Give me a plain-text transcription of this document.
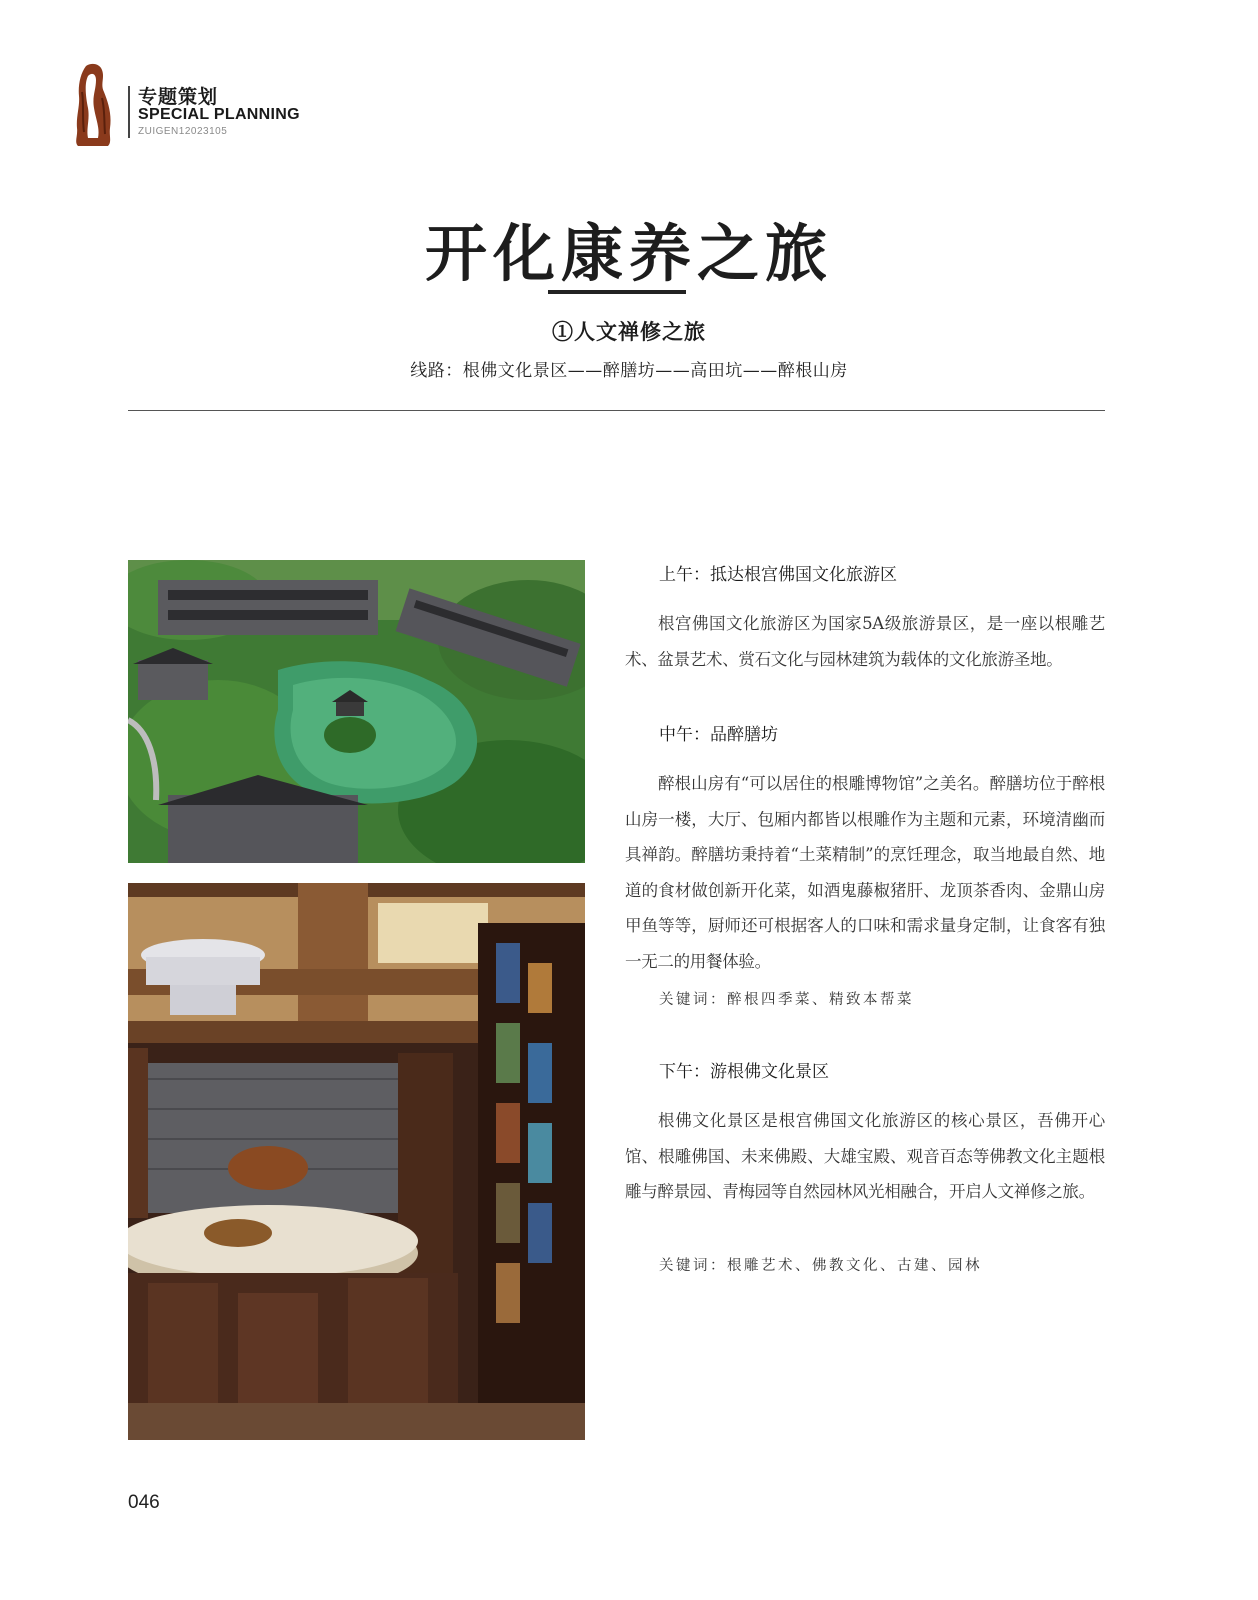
专题策划
SPECIAL PLANNING
ZUIGEN12023105
开化康养之旅
①人文禅修之旅
线路：根佛文化景区——醉膳坊——高田坑——醉根山房
上午：抵达根宫佛国文化旅游区
根宫佛国文化旅游区为国家5A级旅游景区，是一座以根雕艺术、盆景艺术、赏石文化与园林建筑为载体的文化旅游圣地。
中午：品醉膳坊
醉根山房有“可以居住的根雕博物馆”之美名。醉膳坊位于醉根山房一楼，大厅、包厢内都皆以根雕作为主题和元素，环境清幽而具禅韵。醉膳坊秉持着“土菜精制”的烹饪理念，取当地最自然、地道的食材做创新开化菜，如酒鬼藤椒猪肝、龙顶茶香肉、金鼎山房甲鱼等等，厨师还可根据客人的口味和需求量身定制，让食客有独一无二的用餐体验。
关键词：醉根四季菜、精致本帮菜
下午：游根佛文化景区
根佛文化景区是根宫佛国文化旅游区的核心景区，吾佛开心馆、根雕佛国、未来佛殿、大雄宝殿、观音百态等佛教文化主题根雕与醉景园、青梅园等自然园林风光相融合，开启人文禅修之旅。
关键词：根雕艺术、佛教文化、古建、园林
046
